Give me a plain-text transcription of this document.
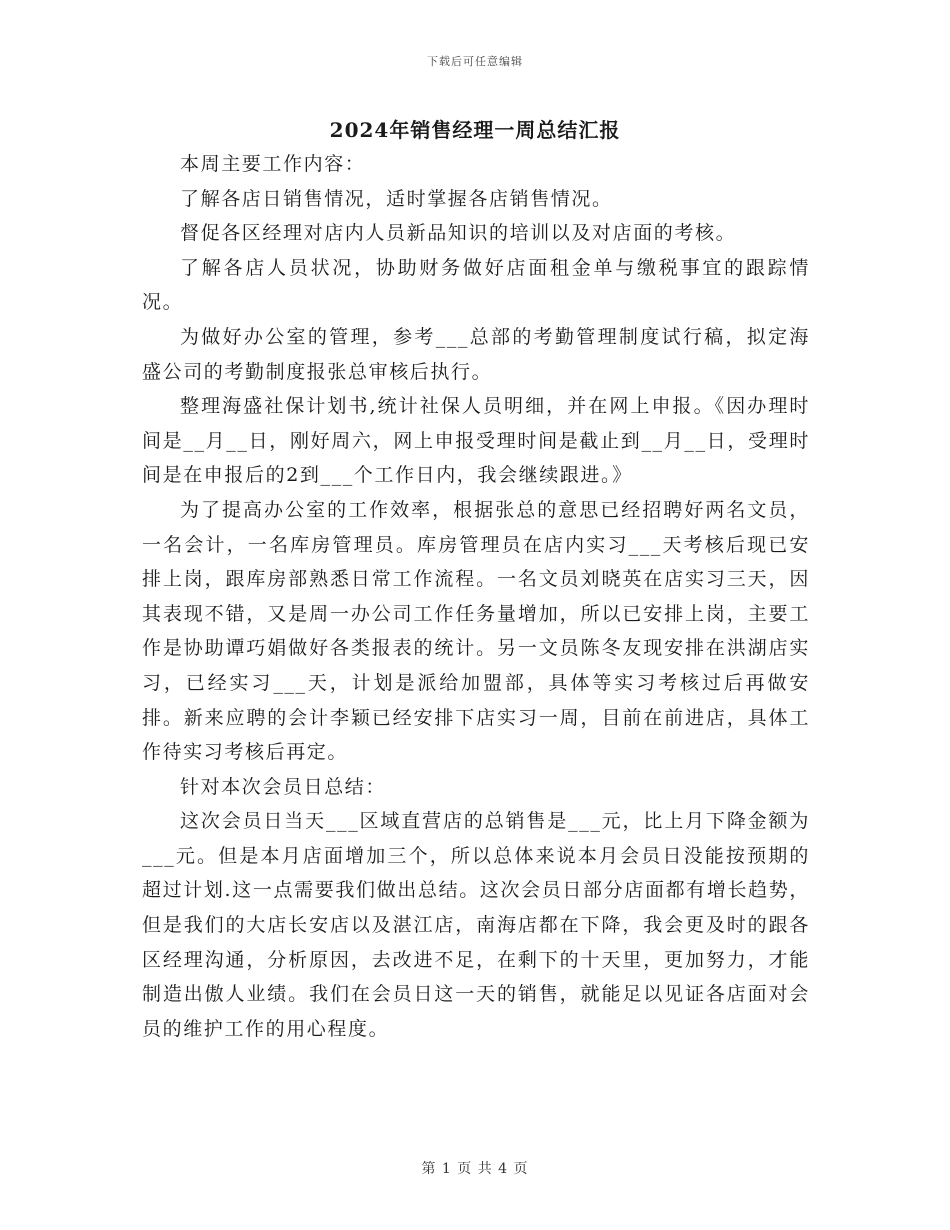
下载后可任意编辑
2024年销售经理一周总结汇报

本周主要工作内容：

了解各店日销售情况，适时掌握各店销售情况。

督促各区经理对店内人员新品知识的培训以及对店面的考核。

了解各店人员状况，协助财务做好店面租金单与缴税事宜的跟踪情况。

为做好办公室的管理，参考___总部的考勤管理制度试行稿，拟定海盛公司的考勤制度报张总审核后执行。

整理海盛社保计划书,统计社保人员明细，并在网上申报。《因办理时间是__月__日，刚好周六，网上申报受理时间是截止到__月__日，受理时间是在申报后的2到___个工作日内，我会继续跟进。》

为了提高办公室的工作效率，根据张总的意思已经招聘好两名文员，一名会计，一名库房管理员。库房管理员在店内实习___天考核后现已安排上岗，跟库房部熟悉日常工作流程。一名文员刘晓英在店实习三天，因其表现不错，又是周一办公司工作任务量增加，所以已安排上岗，主要工作是协助谭巧娟做好各类报表的统计。另一文员陈冬友现安排在洪湖店实习，已经实习___天，计划是派给加盟部，具体等实习考核过后再做安排。新来应聘的会计李颖已经安排下店实习一周，目前在前进店，具体工作待实习考核后再定。

针对本次会员日总结：

这次会员日当天___区域直营店的总销售是___元，比上月下降金额为___元。但是本月店面增加三个，所以总体来说本月会员日没能按预期的超过计划.这一点需要我们做出总结。这次会员日部分店面都有增长趋势，但是我们的大店长安店以及湛江店，南海店都在下降，我会更及时的跟各区经理沟通，分析原因，去改进不足，在剩下的十天里，更加努力，才能制造出傲人业绩。我们在会员日这一天的销售，就能足以见证各店面对会员的维护工作的用心程度。

第 1 页 共 4 页
